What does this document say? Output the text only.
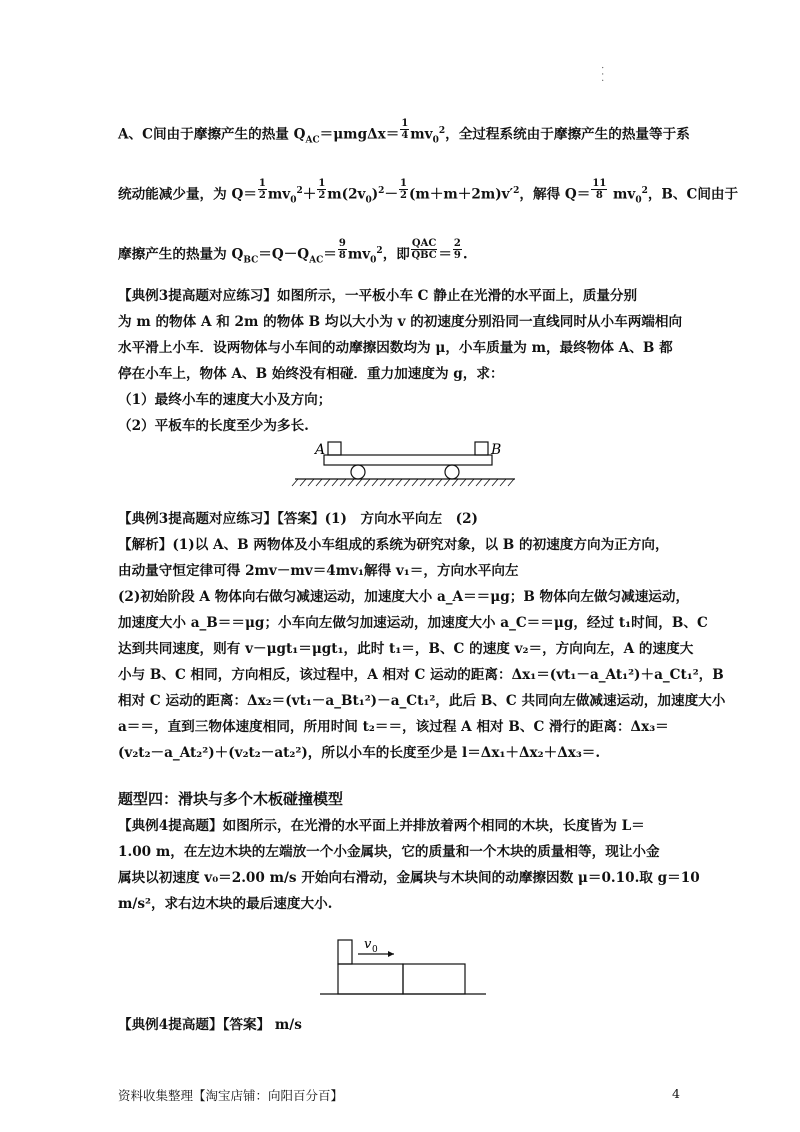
· · ·
A、C间由于摩擦产生的热量 $Q_{AC}=\mu mg\Delta x= \frac{1}{4} mv_0^2$，全过程系统由于摩擦产生的热量等于系
统动能减少量，为 $Q= \frac{1}{2} mv_0^2+ \frac{1}{2} m(2v_0)^2- \frac{1}{2} (m+m+2m)v'^2$，解得 $Q= \frac{11}{8} mv_0^2$，B、C间由于
摩擦产生的热量为 $Q_{BC}=Q-Q_{AC}= \frac{9}{8} mv_0^2$，即 $\frac{\text{QAC}}{\text{QBC}} = \frac{2}{9}$ .
【典例3提高题对应练习】如图所示，一平板小车 C 静止在光滑的水平面上，质量分别
为 m 的物体 A 和 2m 的物体 B 均以大小为 v 的初速度分别沿同一直线同时从小车两端相向
水平滑上小车．设两物体与小车间的动摩擦因数均为 μ，小车质量为 m，最终物体 A、B 都
停在小车上，物体 A、B 始终没有相碰．重力加速度为 g，求：
（1）最终小车的速度大小及方向；
（2）平板车的长度至少为多长.
A	B
【典例3提高题对应练习】【答案】(1)　方向水平向左　(2)
【解析】(1)以 A、B 两物体及小车组成的系统为研究对象，以 B 的初速度方向为正方向，
由动量守恒定律可得 2mv－mv＝4mv₁解得 v₁＝，方向水平向左
(2)初始阶段 A 物体向右做匀减速运动，加速度大小 a_A＝＝μg；B 物体向左做匀减速运动，
加速度大小 a_B＝＝μg；小车向左做匀加速运动，加速度大小 a_C＝＝μg，经过 t₁时间，B、C
达到共同速度，则有 v－μgt₁＝μgt₁，此时 t₁＝，B、C 的速度 v₂＝，方向向左，A 的速度大
小与 B、C 相同，方向相反，该过程中，A 相对 C 运动的距离：Δx₁＝(vt₁－a_At₁²)＋a_Ct₁²，B
相对 C 运动的距离：Δx₂＝(vt₁－a_Bt₁²)－a_Ct₁²，此后 B、C 共同向左做减速运动，加速度大小
a＝＝，直到三物体速度相同，所用时间 t₂＝＝，该过程 A 相对 B、C 滑行的距离：Δx₃＝
(v₂t₂－a_At₂²)＋(v₂t₂－at₂²)，所以小车的长度至少是 l＝Δx₁＋Δx₂＋Δx₃＝.
题型四：滑块与多个木板碰撞模型
【典例4提高题】如图所示，在光滑的水平面上并排放着两个相同的木块，长度皆为 L＝
1.00 m，在左边木块的左端放一个小金属块，它的质量和一个木块的质量相等，现让小金
属块以初速度 v₀＝2.00 m/s 开始向右滑动，金属块与木块间的动摩擦因数 μ＝0.10.取 g＝10
m/s²，求右边木块的最后速度大小.
v 0
【典例4提高题】【答案】 m/s
资料收集整理【淘宝店铺：向阳百分百】	4
